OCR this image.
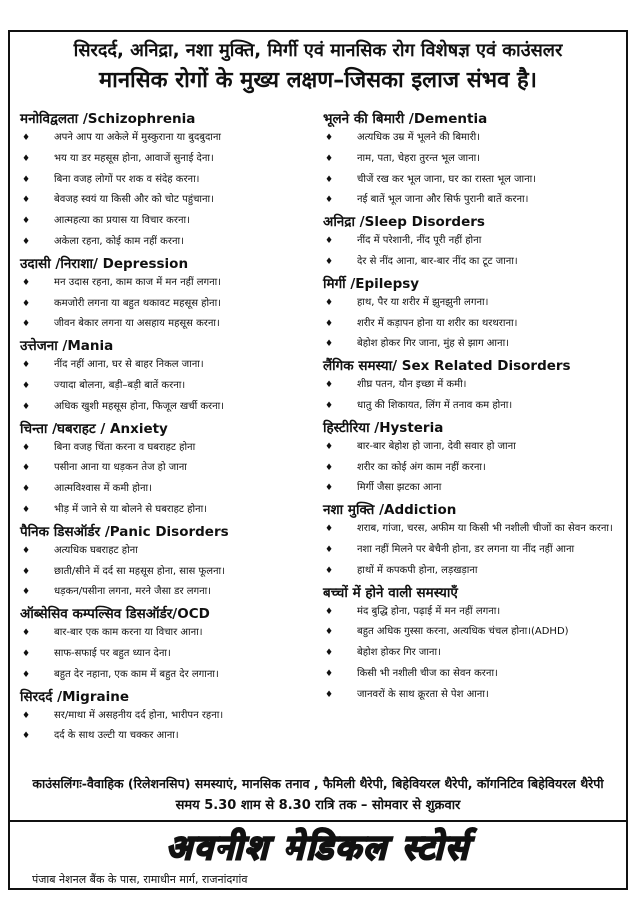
सिरदर्द, अनिद्रा, नशा मुक्ति, मिर्गी एवं मानसिक रोग विशेषज्ञ एवं काउंसलर
मानसिक रोगों के मुख्य लक्षण–जिसका इलाज संभव है।
मनोविद्वलता /Schizophrenia
♦	अपने आप या अकेले में मुस्कुराना या बुदबुदाना
♦	भय या डर महसूस होना, आवाजें सुनाई देना।
♦	बिना वजह लोगों पर शक व संदेह करना।
♦	बेवजह स्वयं या किसी और को चोट पहुंचाना।
♦	आत्महत्या का प्रयास या विचार करना।
♦	अकेला रहना, कोई काम नहीं करना।
उदासी /निराशा/ Depression
♦	मन उदास रहना, काम काज में मन नहीं लगना।
♦	कमजोरी लगना या बहुत थकावट महसूस होना।
♦	जीवन बेकार लगना या असहाय महसूस करना।
उत्तेजना /Mania
♦	नींद नहीं आना, घर से बाहर निकल जाना।
♦	ज्यादा बोलना, बड़ी–बड़ी बातें करना।
♦	अधिक खुशी महसूस होना, फिजूल खर्ची करना।
चिन्ता /घबराहट / Anxiety
♦	बिना वजह चिंता करना व घबराहट होना
♦	पसीना आना या धड़कन तेज हो जाना
♦	आत्मविश्वास में कमी होना।
♦	भीड़ में जाने से या बोलने से घबराहट होना।
पैनिक डिसऑर्डर /Panic Disorders
♦	अत्यधिक घबराहट होना
♦	छाती/सीने में दर्द सा महसूस होना, सास फूलना।
♦	धड़कन/पसीना लगना, मरने जैसा डर लगना।
ऑब्सेसिव कम्पल्सिव डिसऑर्डर/OCD
♦	बार-बार एक काम करना या विचार आना।
♦	साफ-सफाई पर बहुत ध्यान देना।
♦	बहुत देर नहाना, एक काम में बहुत देर लगाना।
सिरदर्द /Migraine
♦	सर/माथा में असहनीय दर्द होना, भारीपन रहना।
♦	दर्द के साथ उल्टी या चक्कर आना।
भूलने की बिमारी /Dementia
♦	अत्यधिक उम्र में भूलने की बिमारी।
♦	नाम, पता, चेहरा तुरन्त भूल जाना।
♦	चीजें रख कर भूल जाना, घर का रास्ता भूल जाना।
♦	नई बातें भूल जाना और सिर्फ पुरानी बातें करना।
अनिद्रा /Sleep Disorders
♦	नींद में परेशानी, नींद पूरी नहीं होना
♦	देर से नींद आना, बार-बार नींद का टूट जाना।
मिर्गी /Epilepsy
♦	हाथ, पैर या शरीर में झुनझुनी लगना।
♦	शरीर में कड़ापन होना या शरीर का थरथराना।
♦	बेहोश होकर गिर जाना, मुंह से झाग आना।
लैंगिक समस्या/ Sex Related Disorders
♦	शीघ्र पतन, यौन इच्छा में कमी।
♦	धातु की शिकायत, लिंग में तनाव कम होना।
हिस्टीरिया /Hysteria
♦	बार-बार बेहोश हो जाना, देवी सवार हो जाना
♦	शरीर का कोई अंग काम नहीं करना।
♦	मिर्गी जैसा झटका आना
नशा मुक्ति /Addiction
♦	शराब, गांजा, चरस, अफीम या किसी भी नशीली चीजों का सेवन करना।
♦	नशा नहीं मिलने पर बेचैनी होना, डर लगना या नींद नहीं आना
♦	हाथों में कपकपी होना, लड़खड़ाना
बच्चों में होने वाली समस्याएँ
♦	मंद बुद्धि होना, पढ़ाई में मन नहीं लगना।
♦	बहुत अधिक गुस्सा करना, अत्यधिक चंचल होना।(ADHD)
♦	बेहोश होकर गिर जाना।
♦	किसी भी नशीली चीज का सेवन करना।
♦	जानवरों के साथ क्रूरता से पेश आना।
काउंसलिंगः-वैवाहिक (रिलेशनसिप) समस्याएं, मानसिक तनाव , फैमिली थैरेपी, बिहेवियरल थैरेपी, कॉगनिटिव बिहेवियरल थैरेपी
समय 5.30 शाम से 8.30 रात्रि तक – सोमवार से शुक्रवार
अवनीश मेडिकल स्टोर्स
पंजाब नेशनल बैंक के पास, रामाधीन मार्ग, राजनांदगांव
